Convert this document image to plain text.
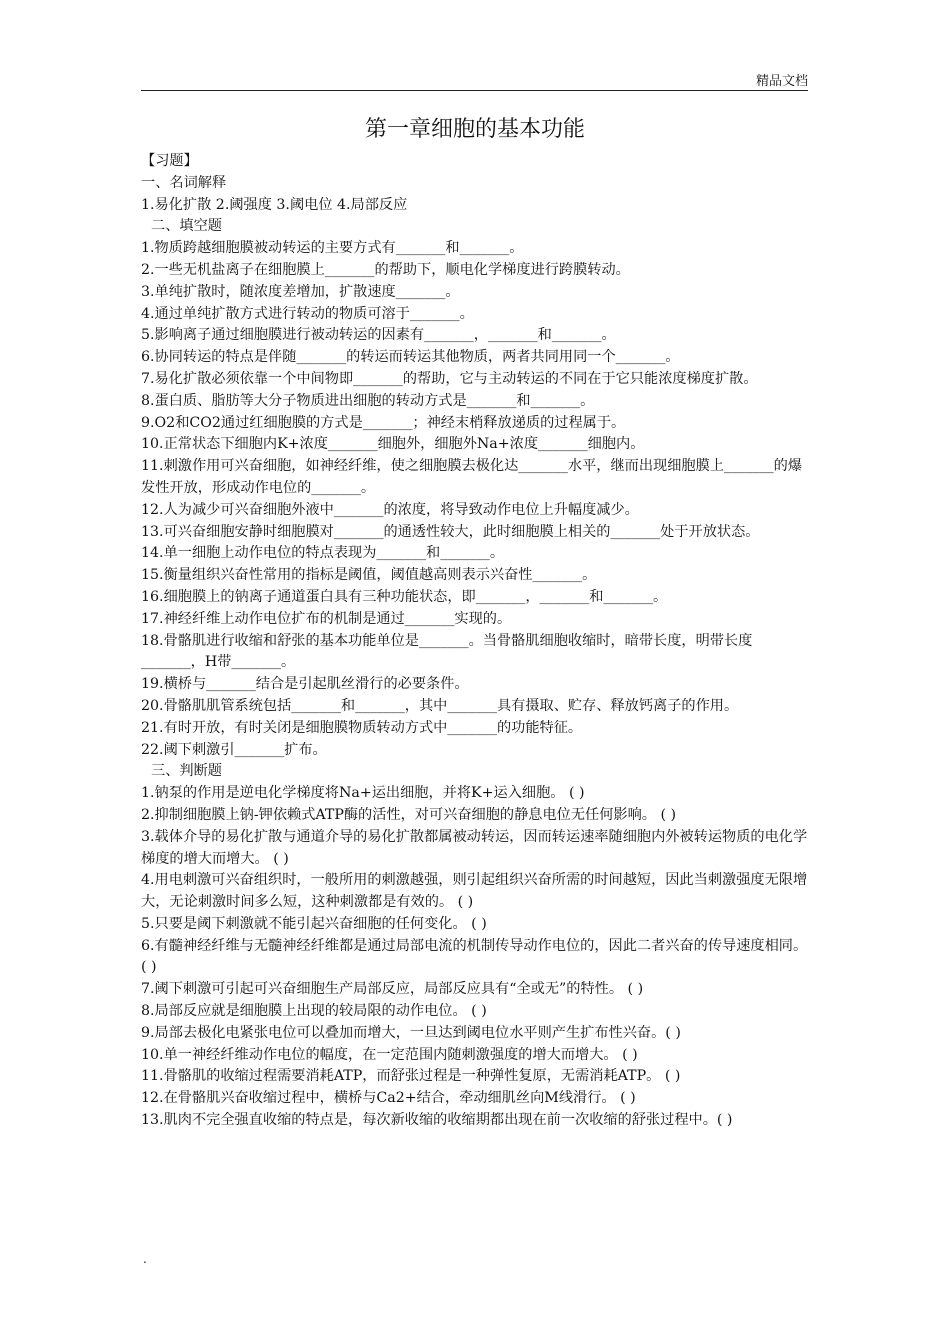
精品文档
第一章细胞的基本功能
【习题】
一、名词解释
1.易化扩散 2.阈强度 3.阈电位 4.局部反应
二、填空题
1.物质跨越细胞膜被动转运的主要方式有_______和_______。
2.一些无机盐离子在细胞膜上_______的帮助下，顺电化学梯度进行跨膜转动。
3.单纯扩散时，随浓度差增加，扩散速度_______。
4.通过单纯扩散方式进行转动的物质可溶于_______。
5.影响离子通过细胞膜进行被动转运的因素有_______，_______和_______。
6.协同转运的特点是伴随_______的转运而转运其他物质，两者共同用同一个_______。
7.易化扩散必须依靠一个中间物即_______的帮助，它与主动转运的不同在于它只能浓度梯度扩散。
8.蛋白质、脂肪等大分子物质进出细胞的转动方式是_______和_______。
9.O2和CO2通过红细胞膜的方式是_______；神经末梢释放递质的过程属于。
10.正常状态下细胞内K+浓度_______细胞外，细胞外Na+浓度_______细胞内。
11.刺激作用可兴奋细胞，如神经纤维，使之细胞膜去极化达_______水平，继而出现细胞膜上_______的爆发性开放，形成动作电位的_______。
12.人为减少可兴奋细胞外液中_______的浓度，将导致动作电位上升幅度减少。
13.可兴奋细胞安静时细胞膜对_______的通透性较大，此时细胞膜上相关的_______处于开放状态。
14.单一细胞上动作电位的特点表现为_______和_______。
15.衡量组织兴奋性常用的指标是阈值，阈值越高则表示兴奋性_______。
16.细胞膜上的钠离子通道蛋白具有三种功能状态，即_______，_______和_______。
17.神经纤维上动作电位扩布的机制是通过_______实现的。
18.骨骼肌进行收缩和舒张的基本功能单位是_______。当骨骼肌细胞收缩时，暗带长度，明带长度_______，H带_______。
19.横桥与_______结合是引起肌丝滑行的必要条件。
20.骨骼肌肌管系统包括_______和_______，其中_______具有摄取、贮存、释放钙离子的作用。
21.有时开放，有时关闭是细胞膜物质转动方式中_______的功能特征。
22.阈下刺激引_______扩布。
三、判断题
1.钠泵的作用是逆电化学梯度将Na+运出细胞，并将K+运入细胞。 ( )
2.抑制细胞膜上钠-钾依赖式ATP酶的活性，对可兴奋细胞的静息电位无任何影响。 ( )
3.载体介导的易化扩散与通道介导的易化扩散都属被动转运，因而转运速率随细胞内外被转运物质的电化学梯度的增大而增大。 ( )
4.用电刺激可兴奋组织时，一般所用的刺激越强，则引起组织兴奋所需的时间越短，因此当刺激强度无限增大，无论刺激时间多么短，这种刺激都是有效的。 ( )
5.只要是阈下刺激就不能引起兴奋细胞的任何变化。 ( )
6.有髓神经纤维与无髓神经纤维都是通过局部电流的机制传导动作电位的，因此二者兴奋的传导速度相同。 ( )
7.阈下刺激可引起可兴奋细胞生产局部反应，局部反应具有“全或无”的特性。 ( )
8.局部反应就是细胞膜上出现的较局限的动作电位。 ( )
9.局部去极化电紧张电位可以叠加而增大，一旦达到阈电位水平则产生扩布性兴奋。( )
10.单一神经纤维动作电位的幅度，在一定范围内随刺激强度的增大而增大。 ( )
11.骨骼肌的收缩过程需要消耗ATP，而舒张过程是一种弹性复原，无需消耗ATP。 ( )
12.在骨骼肌兴奋收缩过程中，横桥与Ca2+结合，牵动细肌丝向M线滑行。 ( )
13.肌肉不完全强直收缩的特点是，每次新收缩的收缩期都出现在前一次收缩的舒张过程中。( )
.
